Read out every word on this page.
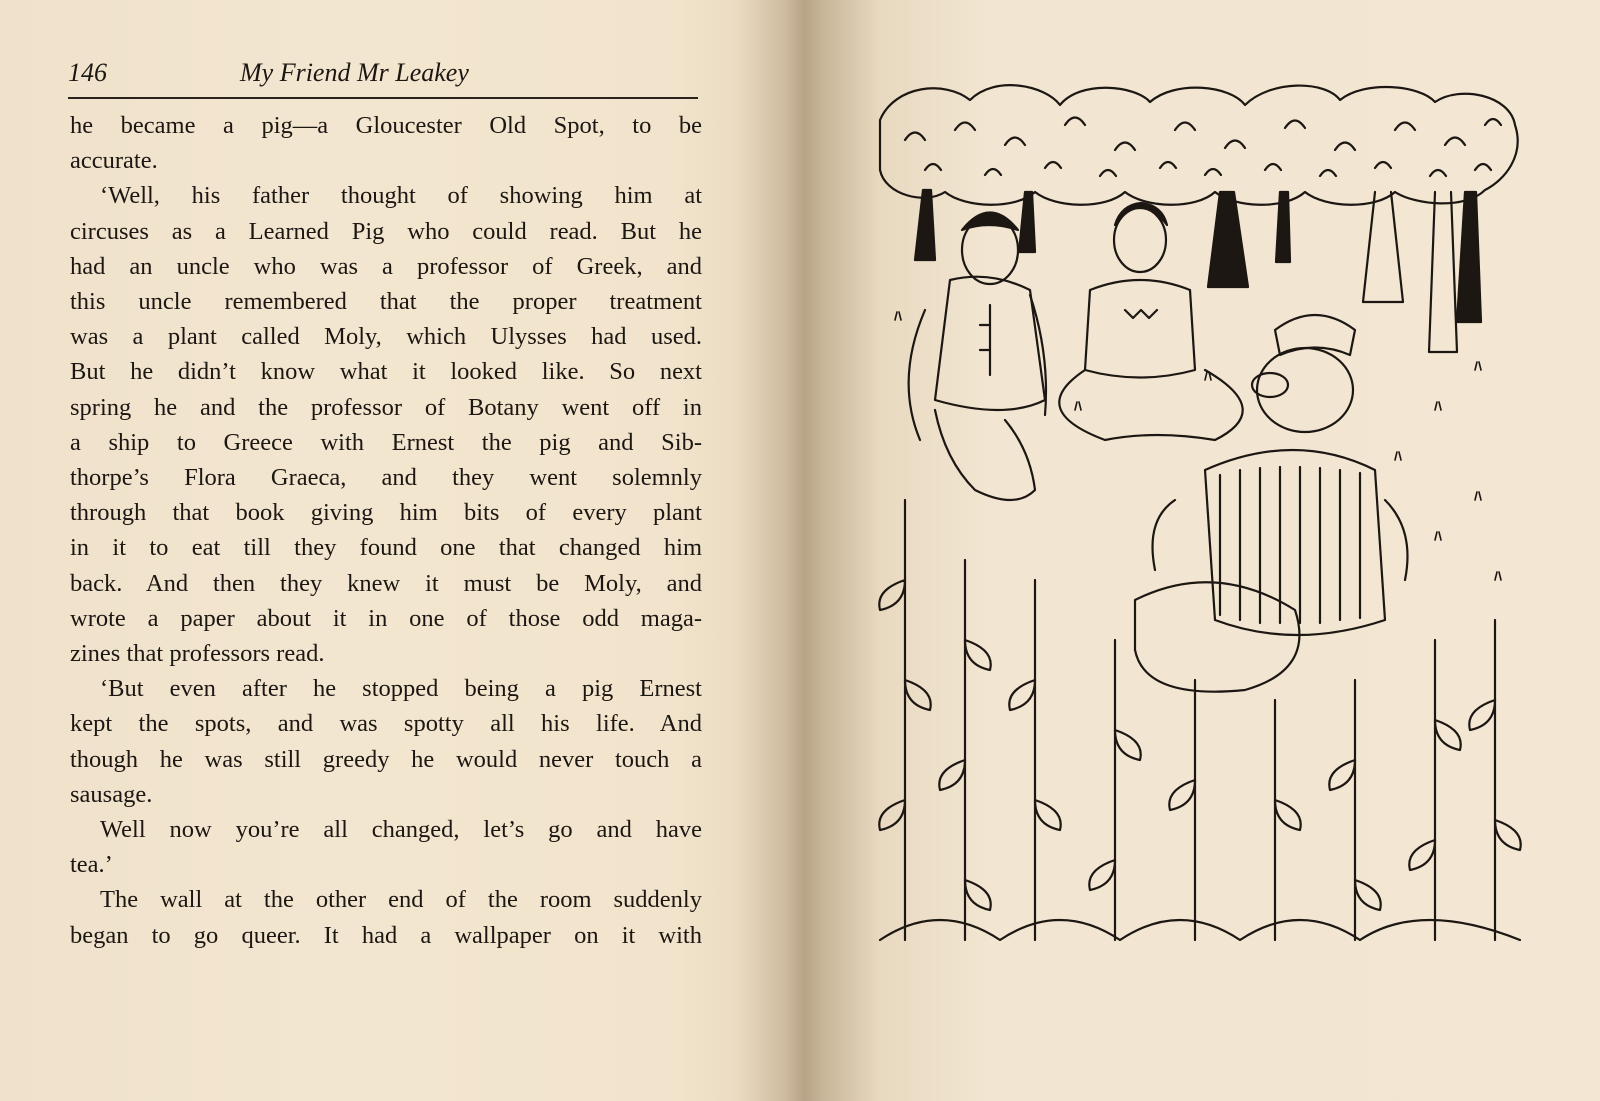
146	My Friend Mr Leakey
he became a pig—a Gloucester Old Spot, to be
accurate.
‘Well, his father thought of showing him at
circuses as a Learned Pig who could read. But he
had an uncle who was a professor of Greek, and
this uncle remembered that the proper treatment
was a plant called Moly, which Ulysses had used.
But he didn’t know what it looked like. So next
spring he and the professor of Botany went off in
a ship to Greece with Ernest the pig and Sib-
thorpe’s Flora Graeca, and they went solemnly
through that book giving him bits of every plant
in it to eat till they found one that changed him
back. And then they knew it must be Moly, and
wrote a paper about it in one of those odd maga-
zines that professors read.
‘But even after he stopped being a pig Ernest
kept the spots, and was spotty all his life. And
though he was still greedy he would never touch a
sausage.
Well now you’re all changed, let’s go and have
tea.’
The wall at the other end of the room suddenly
began to go queer. It had a wallpaper on it with
